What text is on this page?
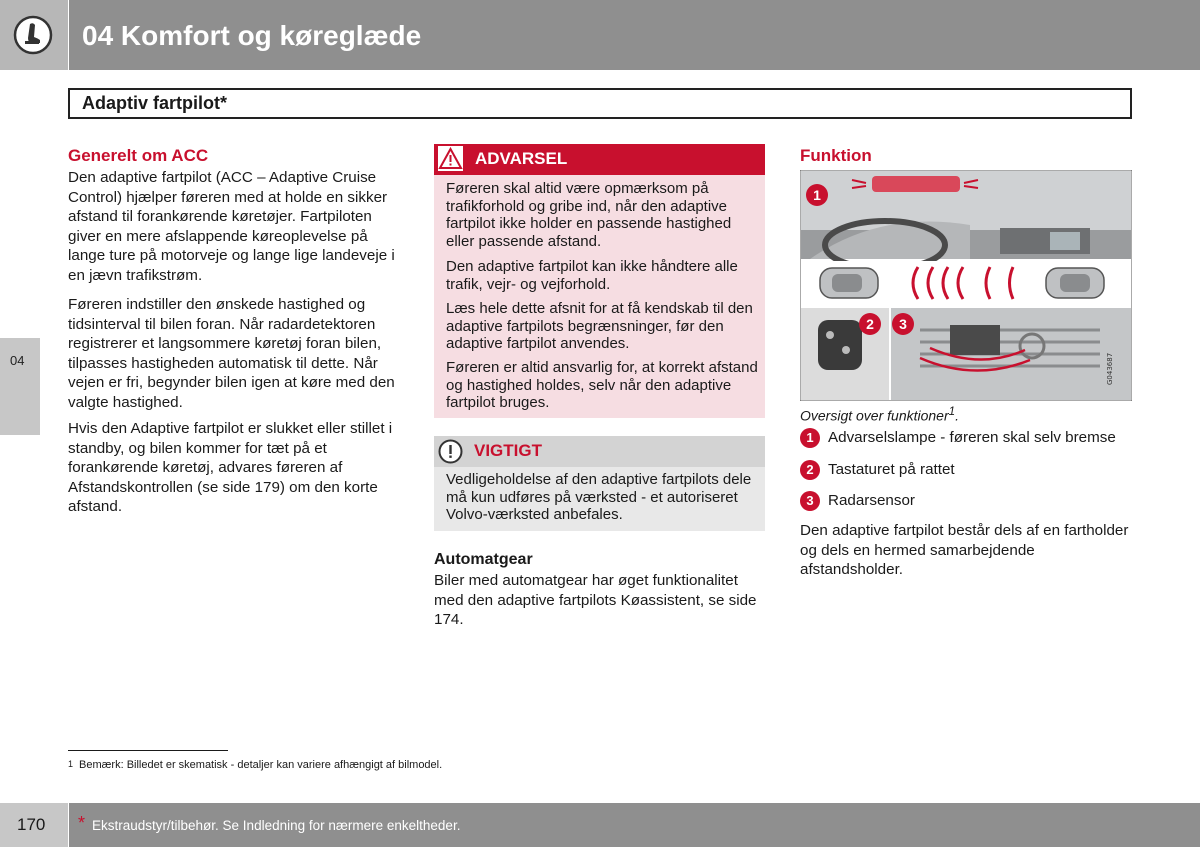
04 Komfort og køreglæde
04
Adaptiv fartpilot*
Generelt om ACC
Den adaptive fartpilot (ACC – Adaptive Cruise Control) hjælper føreren med at holde en sikker afstand til forankørende køretøjer. Fartpiloten giver en mere afslappende køreoplevelse på lange ture på motorveje og lange lige landeveje i en jævn trafikstrøm.
Føreren indstiller den ønskede hastighed og tidsinterval til bilen foran. Når radardetektoren registrerer et langsommere køretøj foran bilen, tilpasses hastigheden automatisk til dette. Når vejen er fri, begynder bilen igen at køre med den valgte hastighed.
Hvis den Adaptive fartpilot er slukket eller stillet i standby, og bilen kommer for tæt på et forankørende køretøj, advares føreren af Afstandskontrollen (se side 179) om den korte afstand.
ADVARSEL
Føreren skal altid være opmærksom på trafikforhold og gribe ind, når den adaptive fartpilot ikke holder en passende hastighed eller passende afstand.
Den adaptive fartpilot kan ikke håndtere alle trafik, vejr- og vejforhold.
Læs hele dette afsnit for at få kendskab til den adaptive fartpilots begrænsninger, før den adaptive fartpilot anvendes.
Føreren er altid ansvarlig for, at korrekt afstand og hastighed holdes, selv når den adaptive fartpilot bruges.
VIGTIGT
Vedligeholdelse af den adaptive fartpilots dele må kun udføres på værksted - et autoriseret Volvo-værksted anbefales.
Automatgear
Biler med automatgear har øget funktionalitet med den adaptive fartpilots Køassistent, se side 174.
Funktion
G043687
1
2 3
Oversigt over funktioner$^1$.
1 Advarselslampe - føreren skal selv bremse
2 Tastaturet på rattet
3 Radarsensor
Den adaptive fartpilot består dels af en fartholder og dels en hermed samarbejdende afstandsholder.
$^1$ Bemærk: Billedet er skematisk - detaljer kan variere afhængigt af bilmodel.
170 * Ekstraudstyr/tilbehør. Se Indledning for nærmere enkeltheder.
